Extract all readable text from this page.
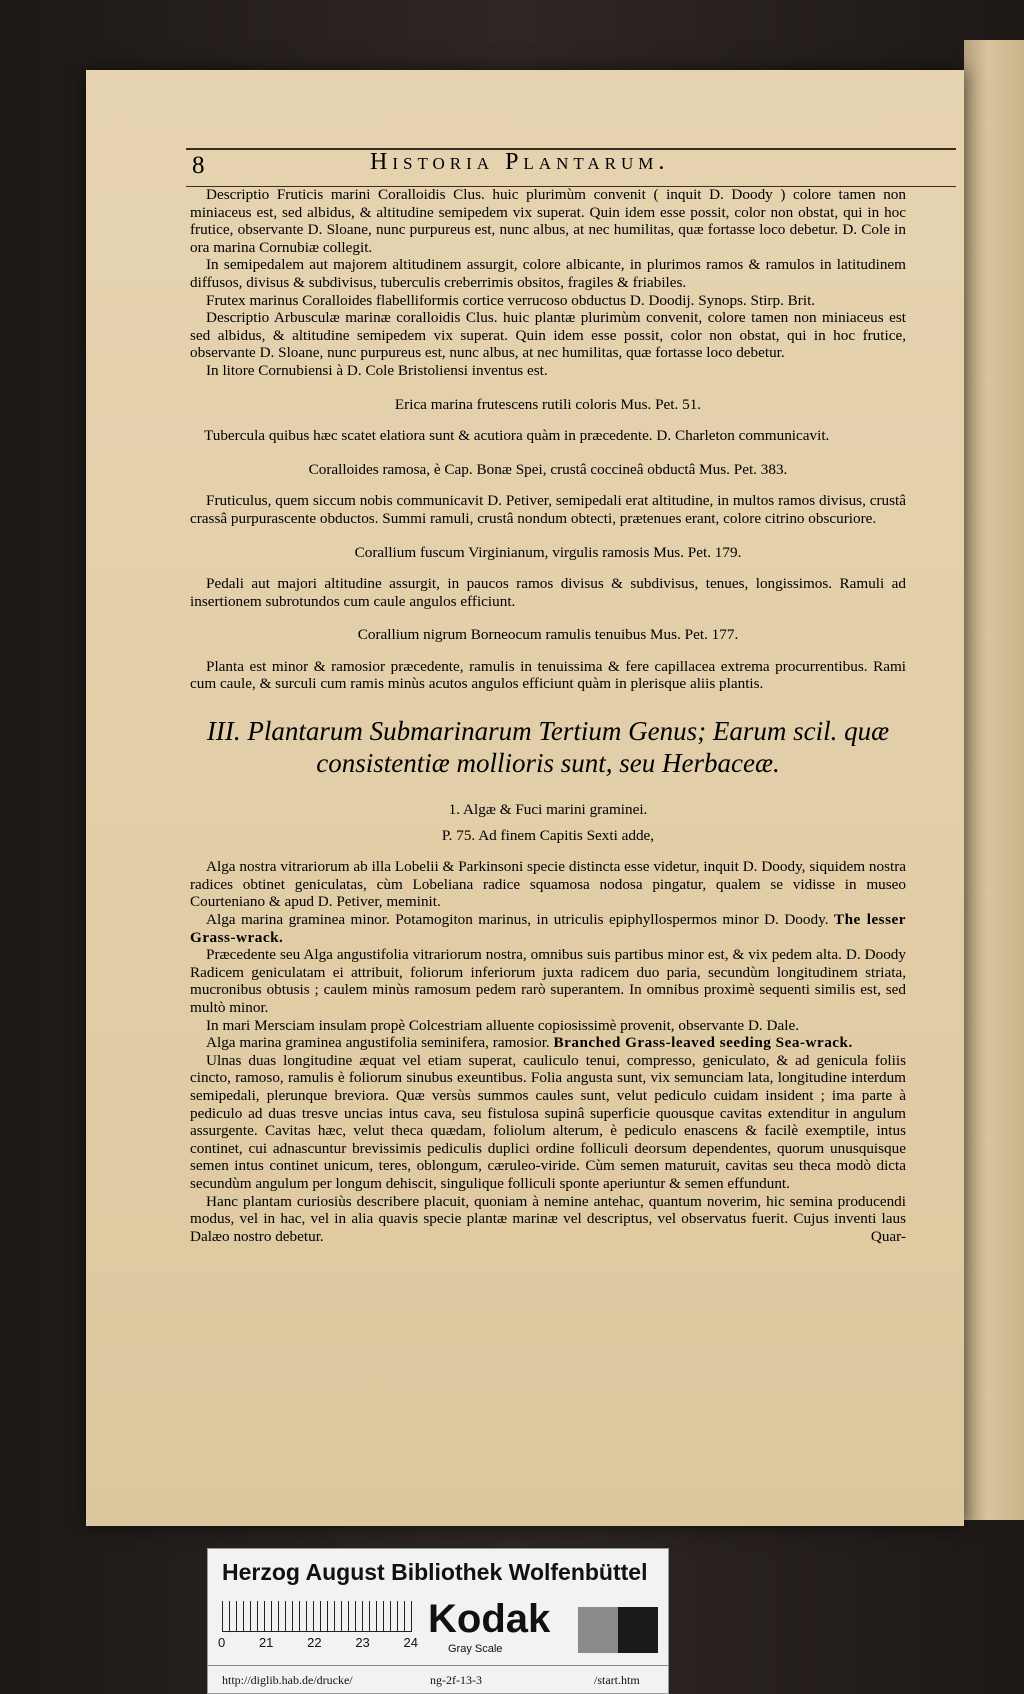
8	Historia Plantarum.

Descriptio Fruticis marini Coralloidis Clus. huic plurimùm convenit ( inquit D. Doody ) colore tamen non miniaceus est, sed albidus, & altitudine semipedem vix superat. Quin idem esse possit, color non obstat, qui in hoc frutice, observante D. Sloane, nunc purpureus est, nunc albus, at nec humilitas, quæ fortasse loco debetur. D. Cole in ora marina Cornubiæ collegit.

In semipedalem aut majorem altitudinem assurgit, colore albicante, in plurimos ramos & ramulos in latitudinem diffusos, divisus & subdivisus, tuberculis creberrimis obsitos, fragiles & friabiles.

Frutex marinus Coralloides flabelliformis cortice verrucoso obductus D. Doodij. Synops. Stirp. Brit.

Descriptio Arbusculæ marinæ coralloidis Clus. huic plantæ plurimùm convenit, colore tamen non miniaceus est sed albidus, & altitudine semipedem vix superat. Quin idem esse possit, color non obstat, qui in hoc frutice, observante D. Sloane, nunc purpureus est, nunc albus, at nec humilitas, quæ fortasse loco debetur.

In litore Cornubiensi à D. Cole Bristoliensi inventus est.

Erica marina frutescens rutili coloris Mus. Pet. 51.

Tubercula quibus hæc scatet elatiora sunt & acutiora quàm in præcedente. D. Charleton communicavit.

Coralloides ramosa, è Cap. Bonæ Spei, crustâ coccineâ obductâ Mus. Pet. 383.

Fruticulus, quem siccum nobis communicavit D. Petiver, semipedali erat altitudine, in multos ramos divisus, crustâ crassâ purpurascente obductos. Summi ramuli, crustâ nondum obtecti, prætenues erant, colore citrino obscuriore.

Corallium fuscum Virginianum, virgulis ramosis Mus. Pet. 179.

Pedali aut majori altitudine assurgit, in paucos ramos divisus & subdivisus, tenues, longissimos. Ramuli ad insertionem subrotundos cum caule angulos efficiunt.

Corallium nigrum Borneocum ramulis tenuibus Mus. Pet. 177.

Planta est minor & ramosior præcedente, ramulis in tenuissima & fere capillacea extrema procurrentibus. Rami cum caule, & surculi cum ramis minùs acutos angulos efficiunt quàm in plerisque aliis plantis.

III. Plantarum Submarinarum Tertium Genus; Earum scil. quæ consistentiæ mollioris sunt, seu Herbaceæ.

1. Algæ & Fuci marini graminei.

P. 75. Ad finem Capitis Sexti adde,

Alga nostra vitrariorum ab illa Lobelii & Parkinsoni specie distincta esse videtur, inquit D. Doody, siquidem nostra radices obtinet geniculatas, cùm Lobeliana radice squamosa nodosa pingatur, qualem se vidisse in museo Courteniano & apud D. Petiver, meminit.

Alga marina graminea minor. Potamogiton marinus, in utriculis epiphyllospermos minor D. Doody. The lesser Grass-wrack.

Præcedente seu Alga angustifolia vitrariorum nostra, omnibus suis partibus minor est, & vix pedem alta. D. Doody Radicem geniculatam ei attribuit, foliorum inferiorum juxta radicem duo paria, secundùm longitudinem striata, mucronibus obtusis ; caulem minùs ramosum pedem rarò superantem. In omnibus proximè sequenti similis est, sed multò minor.

In mari Mersciam insulam propè Colcestriam alluente copiosissimè provenit, observante D. Dale.

Alga marina graminea angustifolia seminifera, ramosior. Branched Grass-leaved seeding Sea-wrack.

Ulnas duas longitudine æquat vel etiam superat, cauliculo tenui, compresso, geniculato, & ad genicula foliis cincto, ramoso, ramulis è foliorum sinubus exeuntibus. Folia angusta sunt, vix semunciam lata, longitudine interdum semipedali, plerunque breviora. Quæ versùs summos caules sunt, velut pediculo cuidam insident ; ima parte à pediculo ad duas tresve uncias intus cava, seu fistulosa supinâ superficie quousque cavitas extenditur in angulum assurgente. Cavitas hæc, velut theca quædam, foliolum alterum, è pediculo enascens & facilè exemptile, intus continet, cui adnascuntur brevissimis pediculis duplici ordine folliculi deorsum dependentes, quorum unusquisque semen intus continet unicum, teres, oblongum, cæruleo-viride. Cùm semen maturuit, cavitas seu theca modò dicta secundùm angulum per longum dehiscit, singulique folliculi sponte aperiuntur & semen effundunt.

Hanc plantam curiosiùs describere placuit, quoniam à nemine antehac, quantum noverim, hic semina producendi modus, vel in hac, vel in alia quavis specie plantæ marinæ vel descriptus, vel observatus fuerit. Cujus inventi laus Dalæo nostro debetur.	Quar-

Herzog August Bibliothek Wolfenbüttel
0	21	22	23	24
Kodak
Gray Scale
http://diglib.hab.de/drucke/	ng-2f-13-3	/start.htm
